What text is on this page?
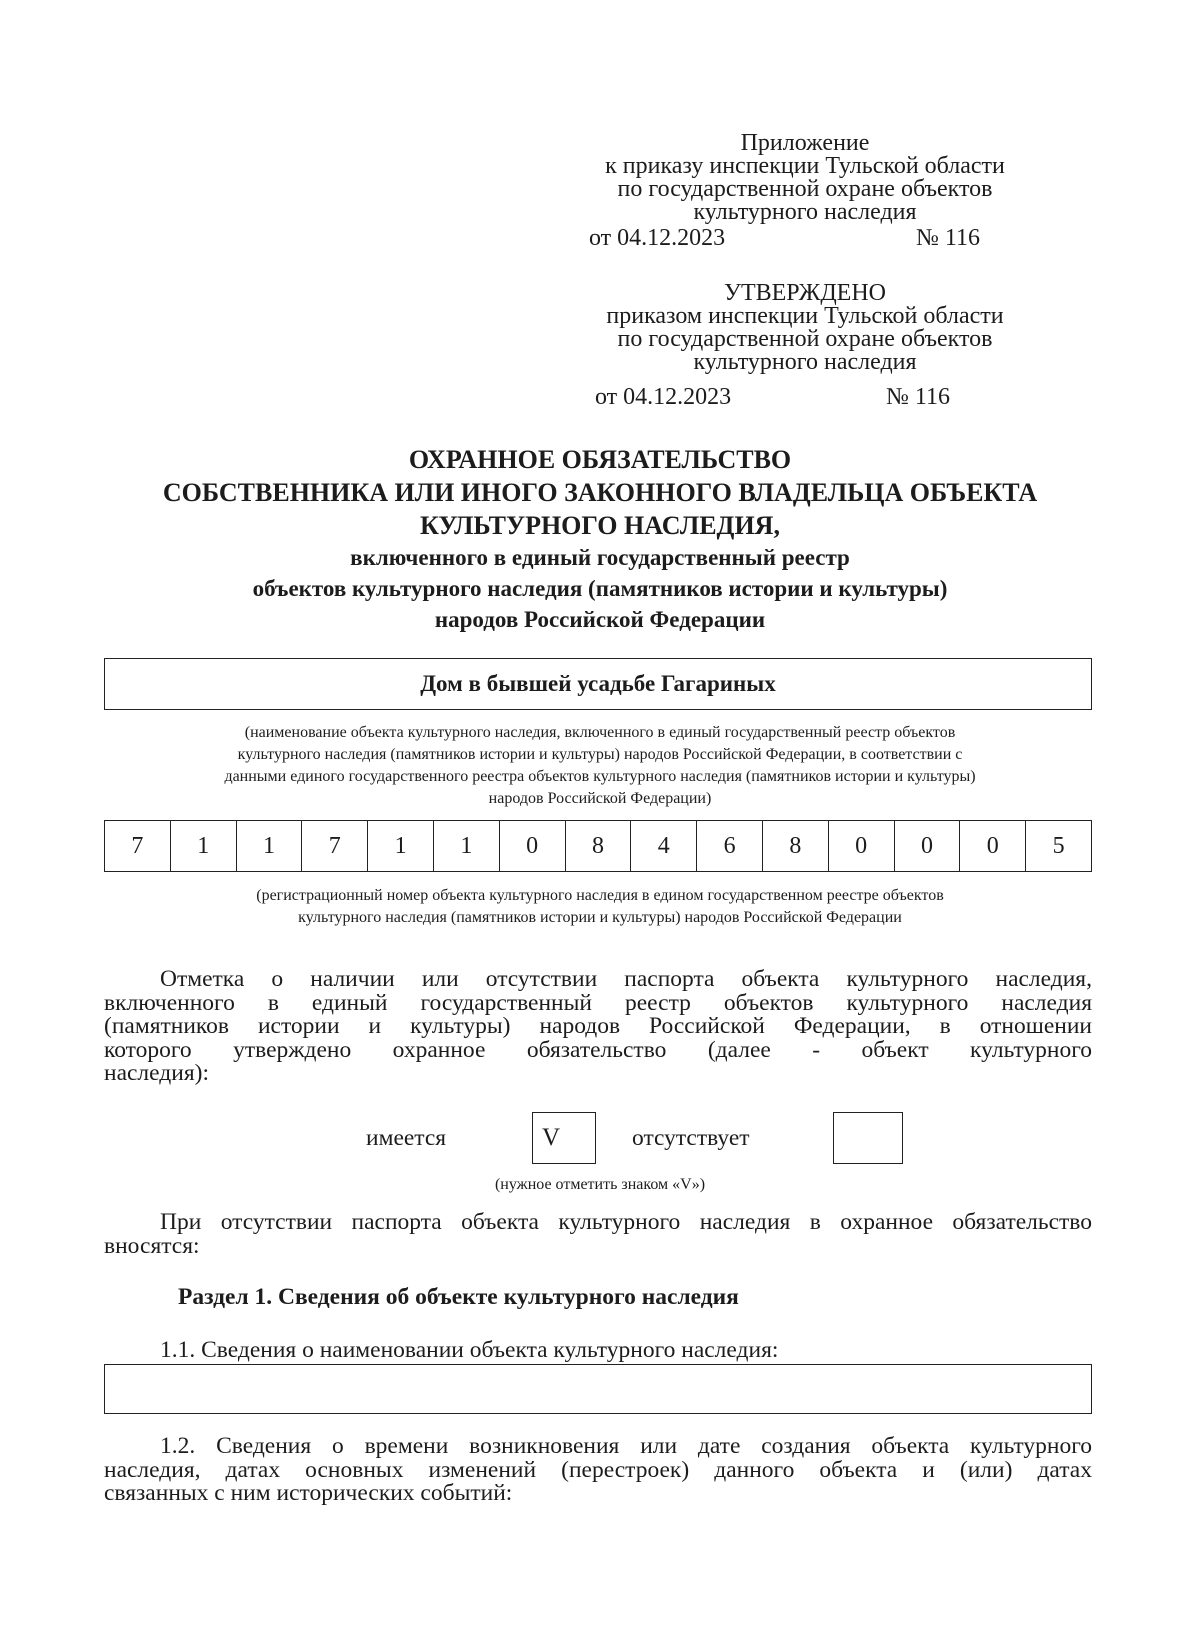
Приложение
к приказу инспекции Тульской области
по государственной охране объектов
культурного наследия
от 04.12.2023	№ 116
УТВЕРЖДЕНО
приказом инспекции Тульской области
по государственной охране объектов
культурного наследия
от 04.12.2023	№ 116
ОХРАННОЕ ОБЯЗАТЕЛЬСТВО
СОБСТВЕННИКА ИЛИ ИНОГО ЗАКОННОГО ВЛАДЕЛЬЦА ОБЪЕКТА
КУЛЬТУРНОГО НАСЛЕДИЯ,
включенного в единый государственный реестр
объектов культурного наследия (памятников истории и культуры)
народов Российской Федерации
Дом в бывшей усадьбе Гагариных
(наименование объекта культурного наследия, включенного в единый государственный реестр объектов
культурного наследия (памятников истории и культуры) народов Российской Федерации, в соответствии с
данными единого государственного реестра объектов культурного наследия (памятников истории и культуры)
народов Российской Федерации)
7	1	1	7	1	1	0	8	4	6	8	0	0	0	5
(регистрационный номер объекта культурного наследия в едином государственном реестре объектов
культурного наследия (памятников истории и культуры) народов Российской Федерации
Отметка о наличии или отсутствии паспорта объекта культурного наследия,
включенного в единый государственный реестр объектов культурного наследия
(памятников истории и культуры) народов Российской Федерации, в отношении
которого утверждено охранное обязательство (далее - объект культурного
наследия):
имеется	V	отсутствует
(нужное отметить знаком «V»)
При отсутствии паспорта объекта культурного наследия в охранное обязательство
вносятся:
Раздел 1. Сведения об объекте культурного наследия
1.1. Сведения о наименовании объекта культурного наследия:
1.2. Сведения о времени возникновения или дате создания объекта культурного
наследия, датах основных изменений (перестроек) данного объекта и (или) датах
связанных с ним исторических событий:
